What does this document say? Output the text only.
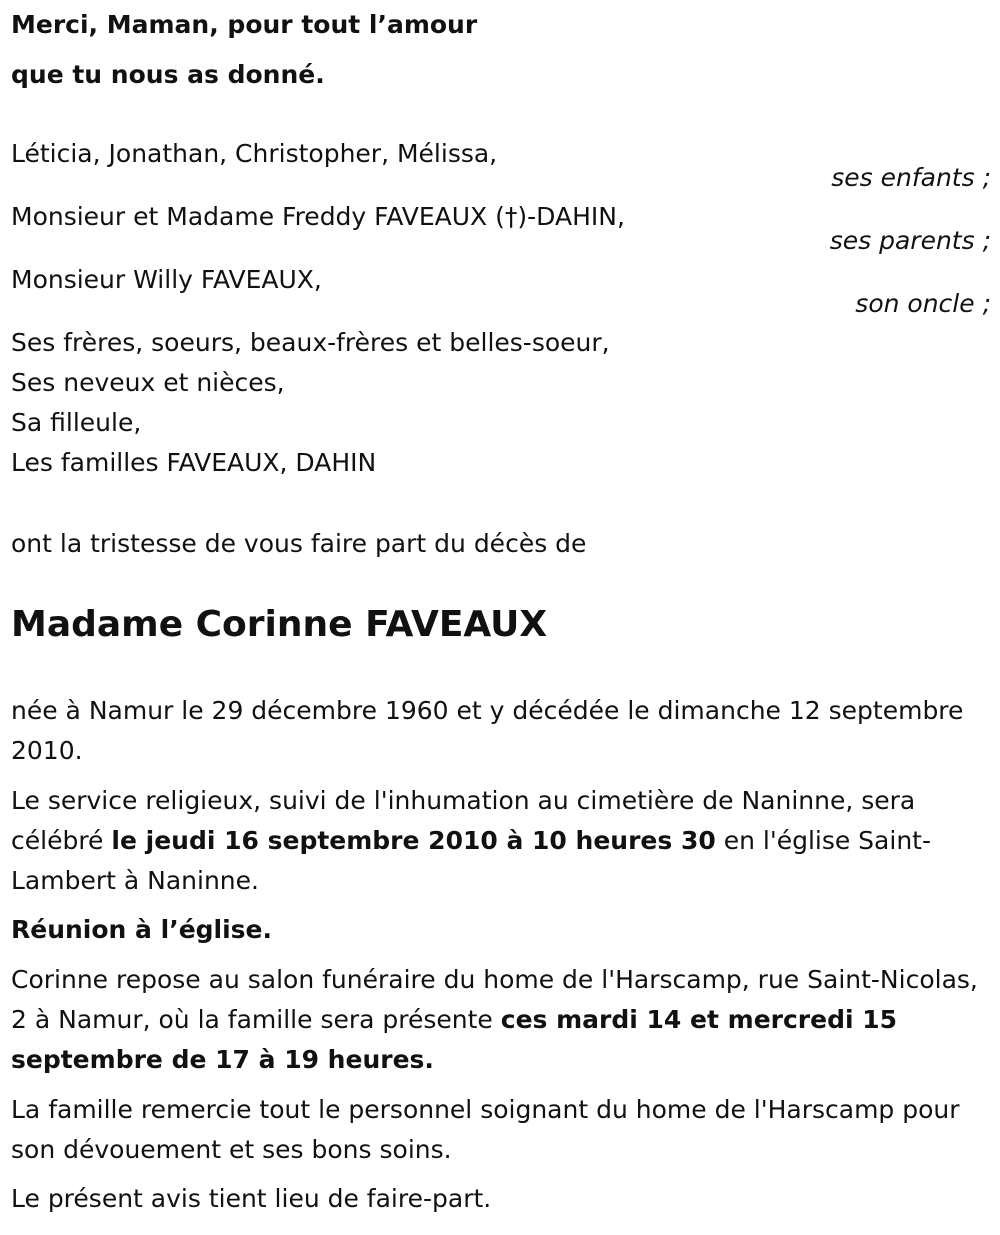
Merci, Maman, pour tout l’amour
que tu nous as donné.
Léticia, Jonathan, Christopher, Mélissa,
ses enfants ;
Monsieur et Madame Freddy FAVEAUX (†)-DAHIN,
ses parents ;
Monsieur Willy FAVEAUX,
son oncle ;
Ses frères, soeurs, beaux-frères et belles-soeur,
Ses neveux et nièces,
Sa filleule,
Les familles FAVEAUX, DAHIN
ont la tristesse de vous faire part du décès de
Madame Corinne FAVEAUX
née à Namur le 29 décembre 1960 et y décédée le dimanche 12 septembre 2010.
Le service religieux, suivi de l'inhumation au cimetière de Naninne, sera célébré le jeudi 16 septembre 2010 à 10 heures 30 en l'église Saint-Lambert à Naninne.
Réunion à l’église.
Corinne repose au salon funéraire du home de l'Harscamp, rue Saint-Nicolas, 2 à Namur, où la famille sera présente ces mardi 14 et mercredi 15 septembre de 17 à 19 heures.
La famille remercie tout le personnel soignant du home de l'Harscamp pour son dévouement et ses bons soins.
Le présent avis tient lieu de faire-part.
